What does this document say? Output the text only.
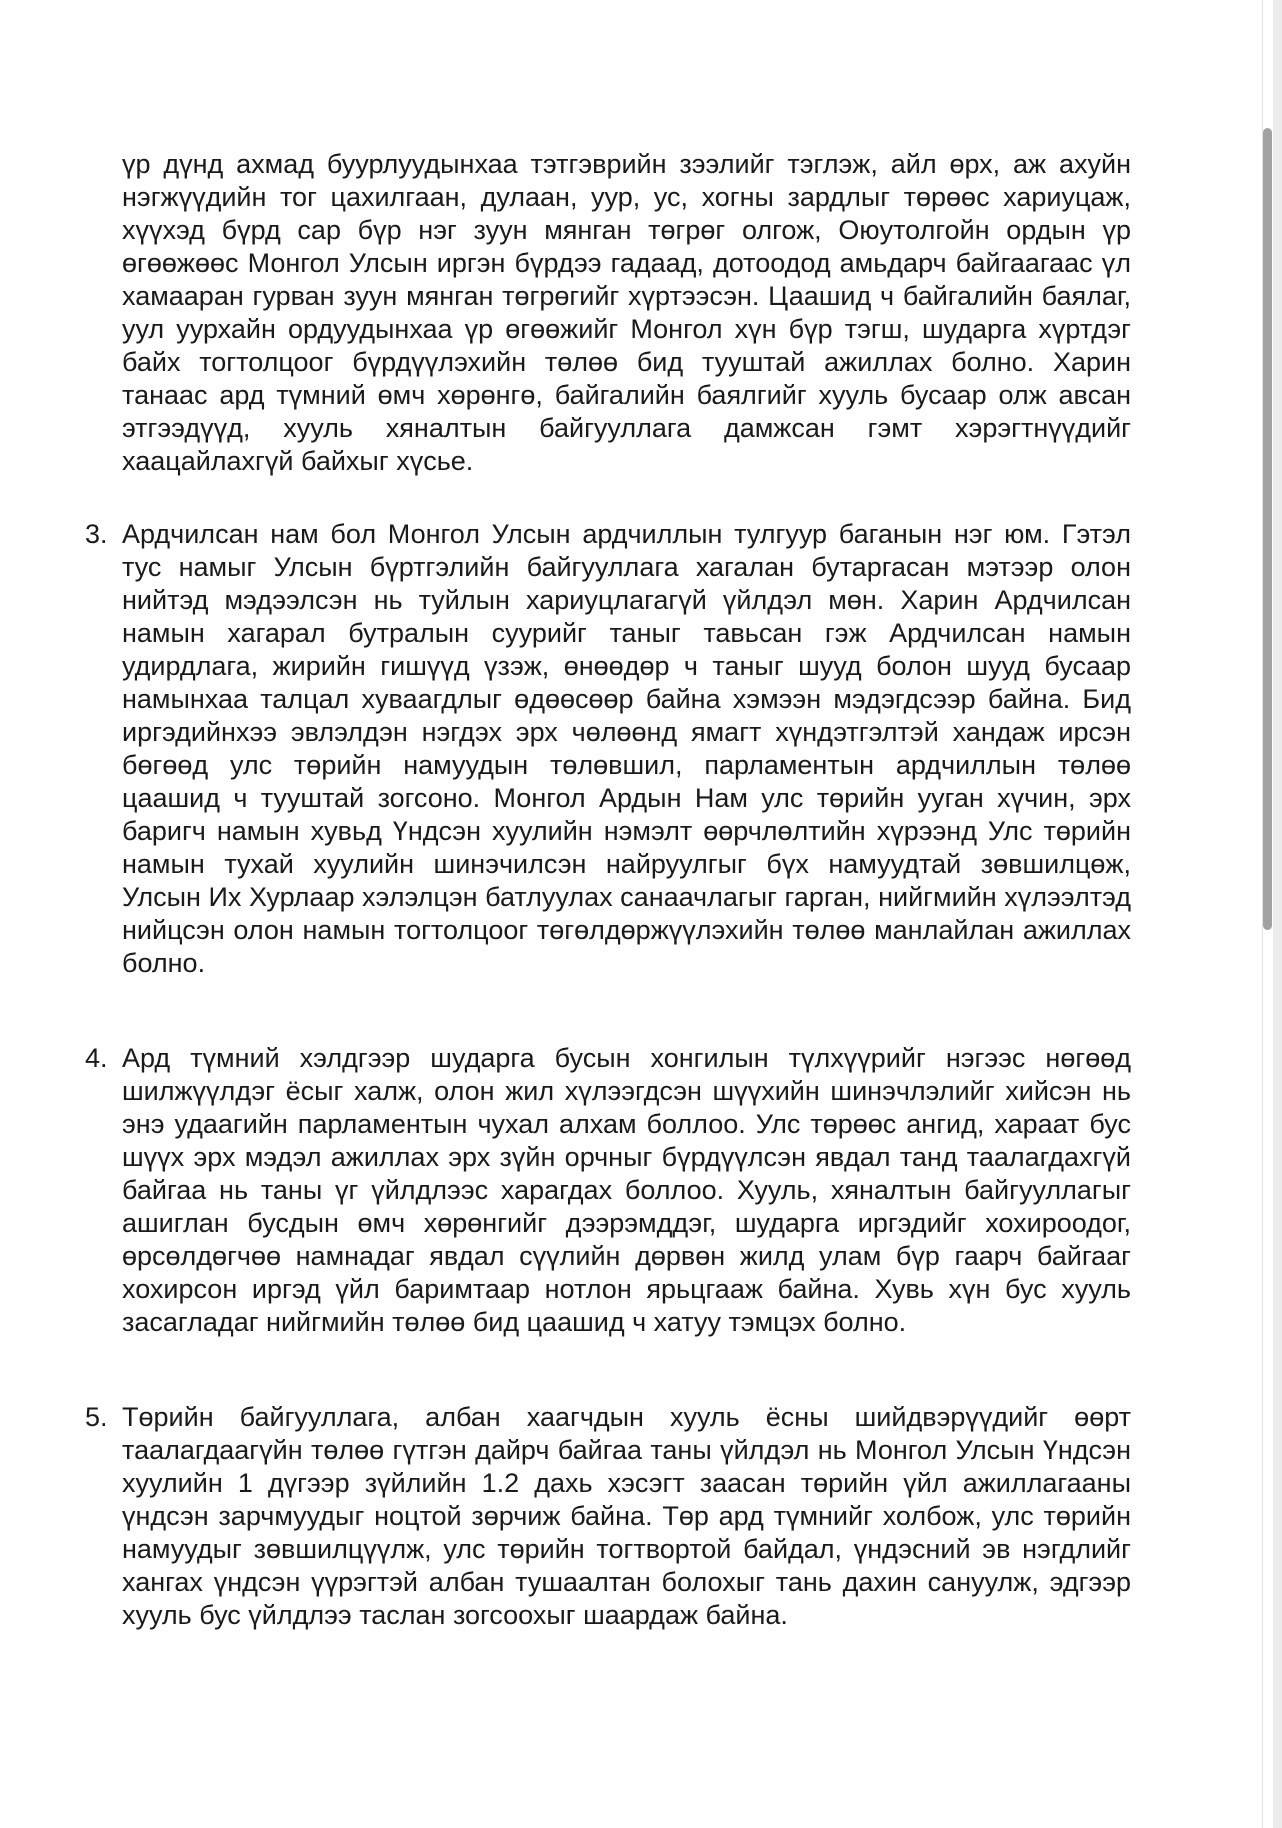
үр дүнд ахмад буурлуудынхаа тэтгэврийн зээлийг тэглэж, айл өрх, аж ахуйн нэгжүүдийн тог цахилгаан, дулаан, уур, ус, хогны зардлыг төрөөс хариуцаж, хүүхэд бүрд сар бүр нэг зуун мянган төгрөг олгож, Оюутолгойн ордын үр өгөөжөөс Монгол Улсын иргэн бүрдээ гадаад, дотоодод амьдарч байгаагаас үл хамааран гурван зуун мянган төгрөгийг хүртээсэн. Цаашид ч байгалийн баялаг, уул уурхайн ордуудынхаа үр өгөөжийг Монгол хүн бүр тэгш, шударга хүртдэг байх тогтолцоог бүрдүүлэхийн төлөө бид тууштай ажиллах болно. Харин танаас ард түмний өмч хөрөнгө, байгалийн баялгийг хууль бусаар олж авсан этгээдүүд, хууль хяналтын байгууллага дамжсан гэмт хэрэгтнүүдийг хаацайлахгүй байхыг хүсье.

3. Ардчилсан нам бол Монгол Улсын ардчиллын тулгуур баганын нэг юм. Гэтэл тус намыг Улсын бүртгэлийн байгууллага хагалан бутаргасан мэтээр олон нийтэд мэдээлсэн нь туйлын хариуцлагагүй үйлдэл мөн. Харин Ардчилсан намын хагарал бутралын суурийг таныг тавьсан гэж Ардчилсан намын удирдлага, жирийн гишүүд үзэж, өнөөдөр ч таныг шууд болон шууд бусаар намынхаа талцал хуваагдлыг өдөөсөөр байна хэмээн мэдэгдсээр байна. Бид иргэдийнхээ эвлэлдэн нэгдэх эрх чөлөөнд ямагт хүндэтгэлтэй хандаж ирсэн бөгөөд улс төрийн намуудын төлөвшил, парламентын ардчиллын төлөө цаашид ч тууштай зогсоно. Монгол Ардын Нам улс төрийн ууган хүчин, эрх баригч намын хувьд Үндсэн хуулийн нэмэлт өөрчлөлтийн хүрээнд Улс төрийн намын тухай хуулийн шинэчилсэн найруулгыг бүх намуудтай зөвшилцөж, Улсын Их Хурлаар хэлэлцэн батлуулах санаачлагыг гарган, нийгмийн хүлээлтэд нийцсэн олон намын тогтолцоог төгөлдөржүүлэхийн төлөө манлайлан ажиллах болно.

4. Ард түмний хэлдгээр шударга бусын хонгилын түлхүүрийг нэгээс нөгөөд шилжүүлдэг ёсыг халж, олон жил хүлээгдсэн шүүхийн шинэчлэлийг хийсэн нь энэ удаагийн парламентын чухал алхам боллоо. Улс төрөөс ангид, хараат бус шүүх эрх мэдэл ажиллах эрх зүйн орчныг бүрдүүлсэн явдал танд таалагдахгүй байгаа нь таны үг үйлдлээс харагдах боллоо. Хууль, хяналтын байгууллагыг ашиглан бусдын өмч хөрөнгийг дээрэмддэг, шударга иргэдийг хохироодог, өрсөлдөгчөө намнадаг явдал сүүлийн дөрвөн жилд улам бүр гаарч байгааг хохирсон иргэд үйл баримтаар нотлон ярьцгааж байна. Хувь хүн бус хууль засагладаг нийгмийн төлөө бид цаашид ч хатуу тэмцэх болно.

5. Төрийн байгууллага, албан хаагчдын хууль ёсны шийдвэрүүдийг өөрт таалагдаагүйн төлөө гүтгэн дайрч байгаа таны үйлдэл нь Монгол Улсын Үндсэн хуулийн 1 дүгээр зүйлийн 1.2 дахь хэсэгт заасан төрийн үйл ажиллагааны үндсэн зарчмуудыг ноцтой зөрчиж байна. Төр ард түмнийг холбож, улс төрийн намуудыг зөвшилцүүлж, улс төрийн тогтвортой байдал, үндэсний эв нэгдлийг хангах үндсэн үүрэгтэй албан тушаалтан болохыг тань дахин сануулж, эдгээр хууль бус үйлдлээ таслан зогсоохыг шаардаж байна.
